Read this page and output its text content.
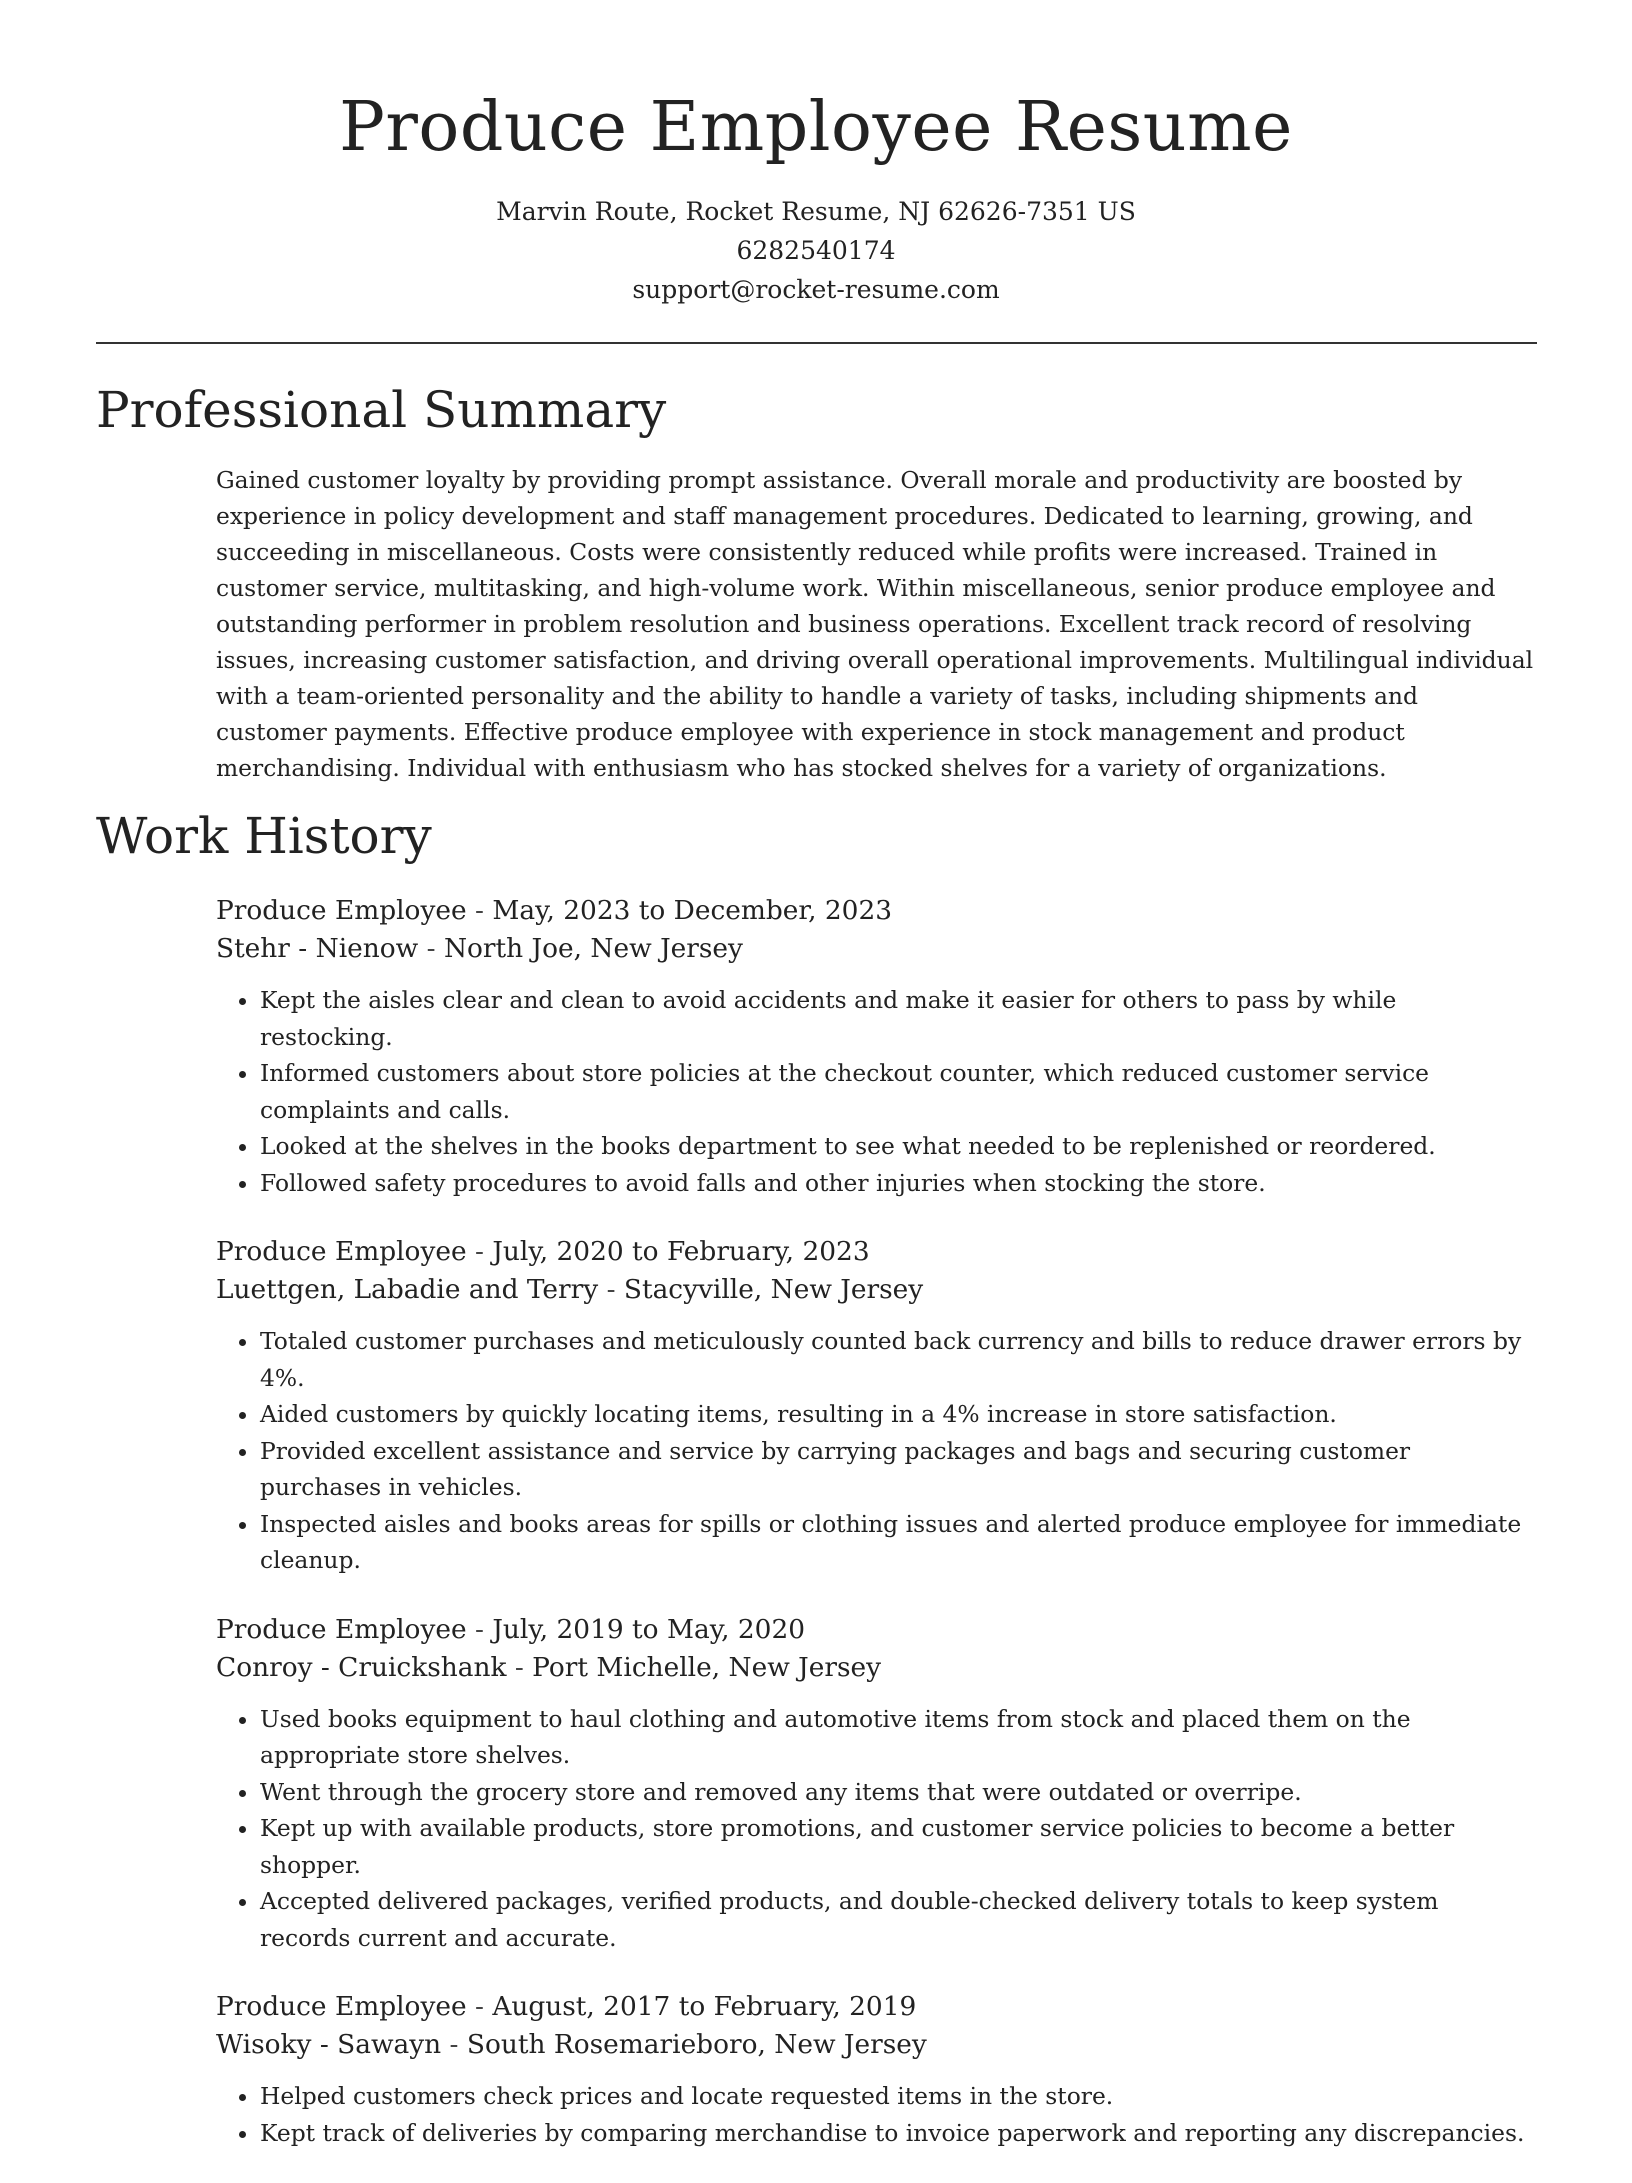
Produce Employee Resume
Marvin Route, Rocket Resume, NJ 62626-7351 US
6282540174
support@rocket-resume.com
Professional Summary

Gained customer loyalty by providing prompt assistance. Overall morale and productivity are boosted by experience in policy development and staff management procedures. Dedicated to learning, growing, and succeeding in miscellaneous. Costs were consistently reduced while profits were increased. Trained in customer service, multitasking, and high-volume work. Within miscellaneous, senior produce employee and outstanding performer in problem resolution and business operations. Excellent track record of resolving issues, increasing customer satisfaction, and driving overall operational improvements. Multilingual individual with a team-oriented personality and the ability to handle a variety of tasks, including shipments and customer payments. Effective produce employee with experience in stock management and product merchandising. Individual with enthusiasm who has stocked shelves for a variety of organizations.

Work History
Produce Employee - May, 2023 to December, 2023
Stehr - Nienow - North Joe, New Jersey
• Kept the aisles clear and clean to avoid accidents and make it easier for others to pass by while restocking.
• Informed customers about store policies at the checkout counter, which reduced customer service complaints and calls.
• Looked at the shelves in the books department to see what needed to be replenished or reordered.
• Followed safety procedures to avoid falls and other injuries when stocking the store.
Produce Employee - July, 2020 to February, 2023
Luettgen, Labadie and Terry - Stacyville, New Jersey
• Totaled customer purchases and meticulously counted back currency and bills to reduce drawer errors by 4%.
• Aided customers by quickly locating items, resulting in a 4% increase in store satisfaction.
• Provided excellent assistance and service by carrying packages and bags and securing customer purchases in vehicles.
• Inspected aisles and books areas for spills or clothing issues and alerted produce employee for immediate cleanup.
Produce Employee - July, 2019 to May, 2020
Conroy - Cruickshank - Port Michelle, New Jersey
• Used books equipment to haul clothing and automotive items from stock and placed them on the appropriate store shelves.
• Went through the grocery store and removed any items that were outdated or overripe.
• Kept up with available products, store promotions, and customer service policies to become a better shopper.
• Accepted delivered packages, verified products, and double-checked delivery totals to keep system records current and accurate.
Produce Employee - August, 2017 to February, 2019
Wisoky - Sawayn - South Rosemarieboro, New Jersey
• Helped customers check prices and locate requested items in the store.
• Kept track of deliveries by comparing merchandise to invoice paperwork and reporting any discrepancies.
